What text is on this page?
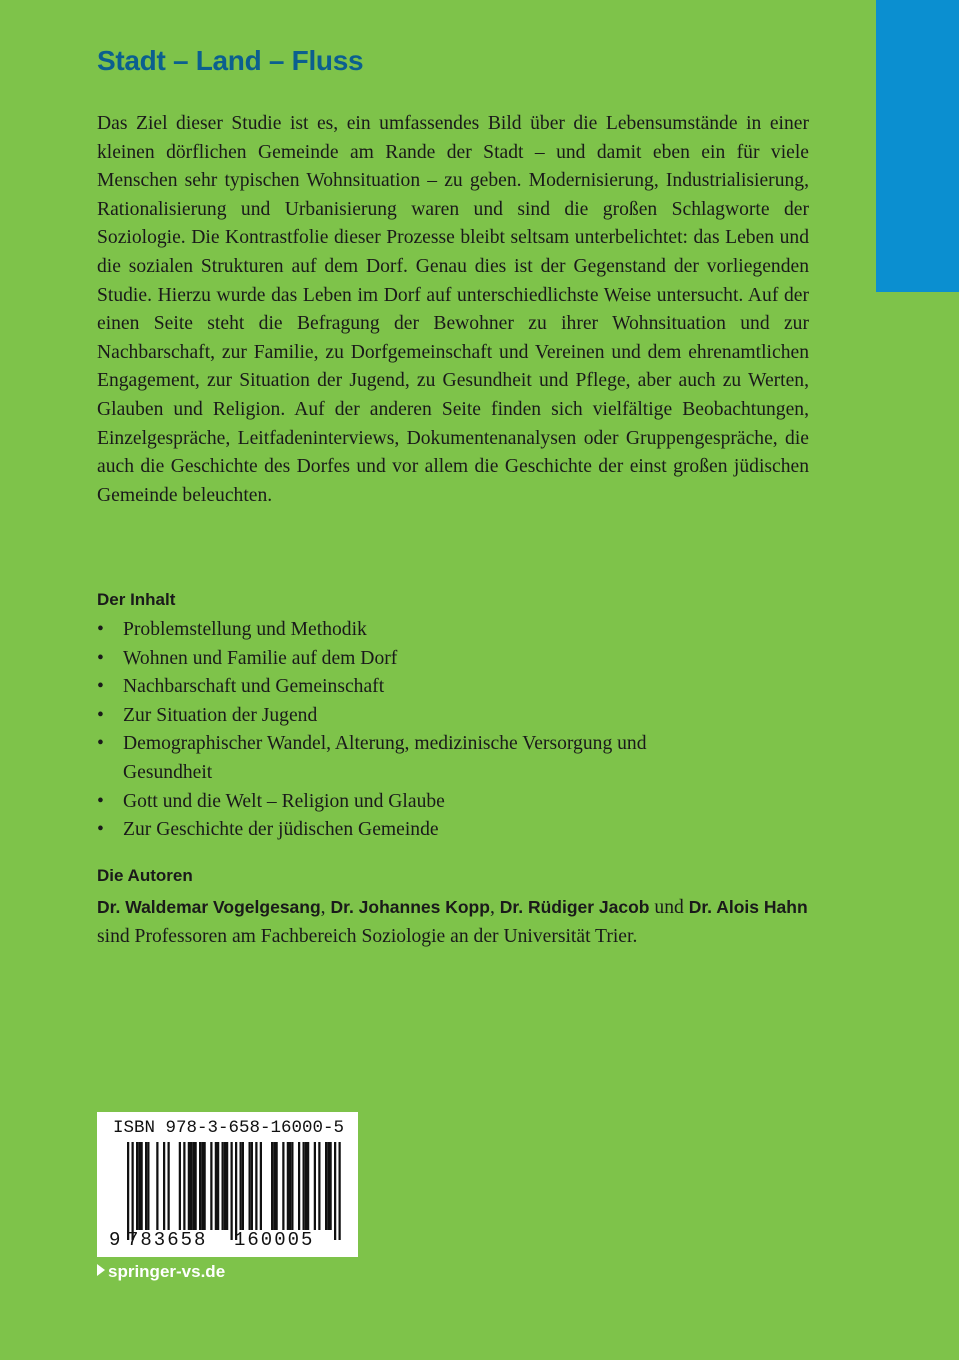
Stadt – Land – Fluss

Das Ziel dieser Studie ist es, ein umfassendes Bild über die Lebensumstände in einer kleinen dörflichen Gemeinde am Rande der Stadt – und damit eben ein für viele Menschen sehr typischen Wohnsituation – zu geben. Modernisierung, Industrialisierung, Rationalisierung und Urbanisierung waren und sind die großen Schlagworte der Soziologie. Die Kontrastfolie dieser Prozesse bleibt seltsam unterbelichtet: das Leben und die sozialen Strukturen auf dem Dorf. Genau dies ist der Gegenstand der vorliegenden Studie. Hierzu wurde das Leben im Dorf auf unterschiedlichste Weise untersucht. Auf der einen Seite steht die Befragung der Bewohner zu ihrer Wohnsituation und zur Nachbarschaft, zur Familie, zu Dorfgemeinschaft und Vereinen und dem ehrenamtlichen Engagement, zur Situation der Jugend, zu Gesundheit und Pflege, aber auch zu Werten, Glauben und Religion. Auf der anderen Seite finden sich vielfältige Beobachtungen, Einzelgespräche, Leitfadeninterviews, Dokumentenanalysen oder Gruppengespräche, die auch die Geschichte des Dorfes und vor allem die Geschichte der einst großen jüdischen Gemeinde beleuchten.

Der Inhalt
• Problemstellung und Methodik
• Wohnen und Familie auf dem Dorf
• Nachbarschaft und Gemeinschaft
• Zur Situation der Jugend
• Demographischer Wandel, Alterung, medizinische Versorgung und Gesundheit
• Gott und die Welt – Religion und Glaube
• Zur Geschichte der jüdischen Gemeinde
Die Autoren

Dr. Waldemar Vogelgesang, Dr. Johannes Kopp, Dr. Rüdiger Jacob und Dr. Alois Hahn sind Professoren am Fachbereich Soziologie an der Universität Trier.

ISBN 978-3-658-16000-5
9 783658	160005
springer-vs.de
